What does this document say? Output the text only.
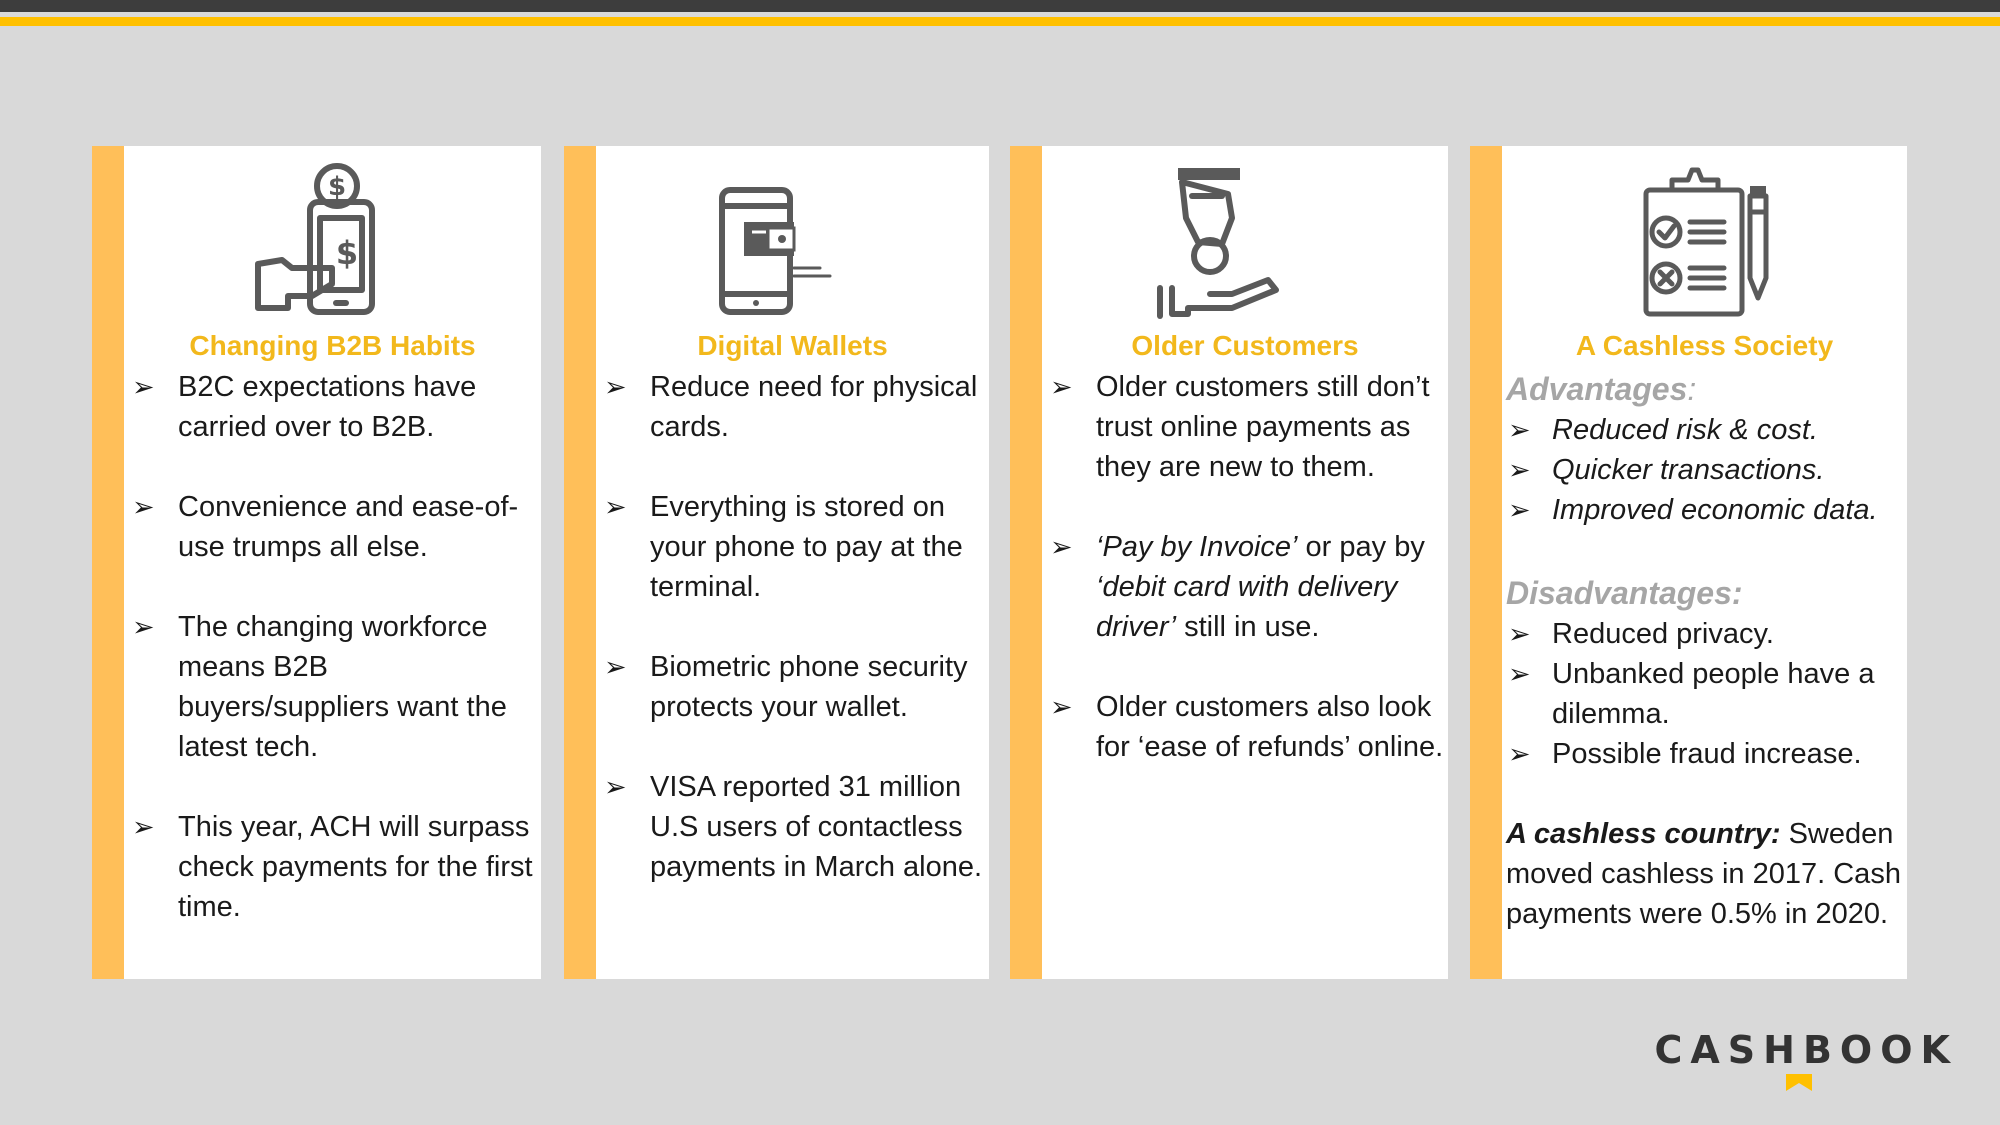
$
$
Changing B2B Habits
➢ B2C expectations have carried over to B2B.
➢ Convenience and ease-of-use trumps all else.
➢ The changing workforce means B2B buyers/suppliers want the latest tech.
➢ This year, ACH will surpass check payments for the first time.
Digital Wallets
➢ Reduce need for physical cards.
➢ Everything is stored on your phone to pay at the terminal.
➢ Biometric phone security protects your wallet.
➢ VISA reported 31 million U.S users of contactless payments in March alone.
Older Customers
➢ Older customers still don’t trust online payments as they are new to them.
➢ ‘Pay by Invoice’ or pay by ‘debit card with delivery driver’ still in use.
➢ Older customers also look for ‘ease of refunds’ online.
A Cashless Society
Advantages:
➢ Reduced risk & cost.
➢ Quicker transactions.
➢ Improved economic data.
Disadvantages:
➢ Reduced privacy.
➢ Unbanked people have a dilemma.
➢ Possible fraud increase.
A cashless country: Sweden moved cashless in 2017. Cash payments were 0.5% in 2020.
CASHBOOK
